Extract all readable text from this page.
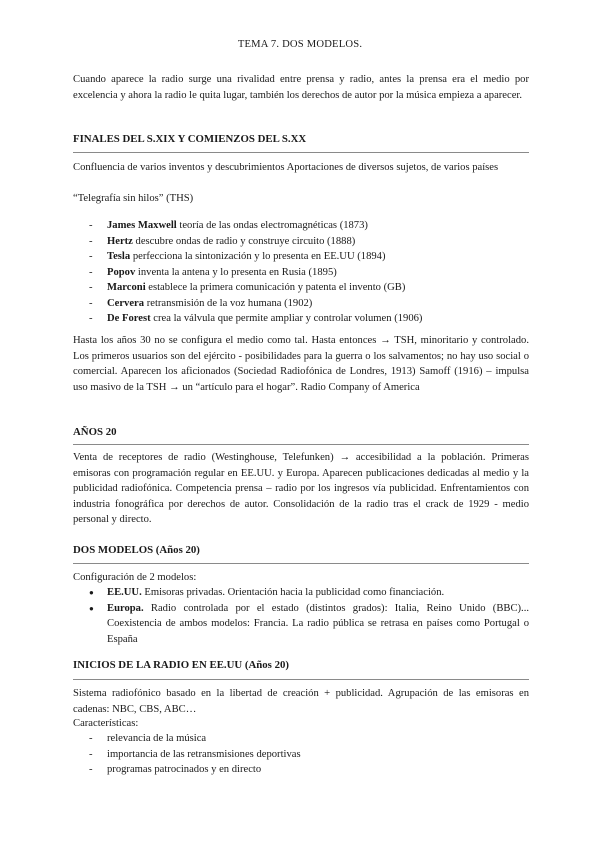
TEMA 7. DOS MODELOS.
Cuando aparece la radio surge una rivalidad entre prensa y radio, antes la prensa era el medio por excelencia y ahora la radio le quita lugar, también los derechos de autor por la música empieza a aparecer.
FINALES DEL S.XIX Y COMIENZOS DEL S.XX
Confluencia de varios inventos y descubrimientos Aportaciones de diversos sujetos, de varios países
“Telegrafía sin hilos” (THS)
- James Maxwell teoría de las ondas electromagnéticas (1873)
- Hertz descubre ondas de radio y construye circuito (1888)
- Tesla perfecciona la sintonización y lo presenta en EE.UU (1894)
- Popov inventa la antena y lo presenta en Rusia (1895)
- Marconi establece la primera comunicación y patenta el invento (GB)
- Cervera retransmisión de la voz humana (1902)
- De Forest crea la válvula que permite ampliar y controlar volumen (1906)
Hasta los años 30 no se configura el medio como tal. Hasta entonces → TSH, minoritario y controlado. Los primeros usuarios son del ejército - posibilidades para la guerra o los salvamentos; no hay uso social o comercial. Aparecen los aficionados (Sociedad Radiofónica de Londres, 1913) Samoff (1916) – impulsa uso masivo de la TSH → un “artículo para el hogar”. Radio Company of America
AÑOS 20
Venta de receptores de radio (Westinghouse, Telefunken) → accesibilidad a la población. Primeras emisoras con programación regular en EE.UU. y Europa. Aparecen publicaciones dedicadas al medio y la publicidad radiofónica. Competencia prensa – radio por los ingresos vía publicidad. Enfrentamientos con industria fonográfica por derechos de autor. Consolidación de la radio tras el crack de 1929 - medio personal y directo.
DOS MODELOS (Años 20)
Configuración de 2 modelos:
● EE.UU. Emisoras privadas. Orientación hacia la publicidad como financiación.
● Europa. Radio controlada por el estado (distintos grados): Italia, Reino Unido (BBC)... Coexistencia de ambos modelos: Francia. La radio pública se retrasa en países como Portugal o España
INICIOS DE LA RADIO EN EE.UU (Años 20)
Sistema radiofónico basado en la libertad de creación + publicidad. Agrupación de las emisoras en cadenas: NBC, CBS, ABC…
Características:
- relevancia de la música
- importancia de las retransmisiones deportivas
- programas patrocinados y en directo
